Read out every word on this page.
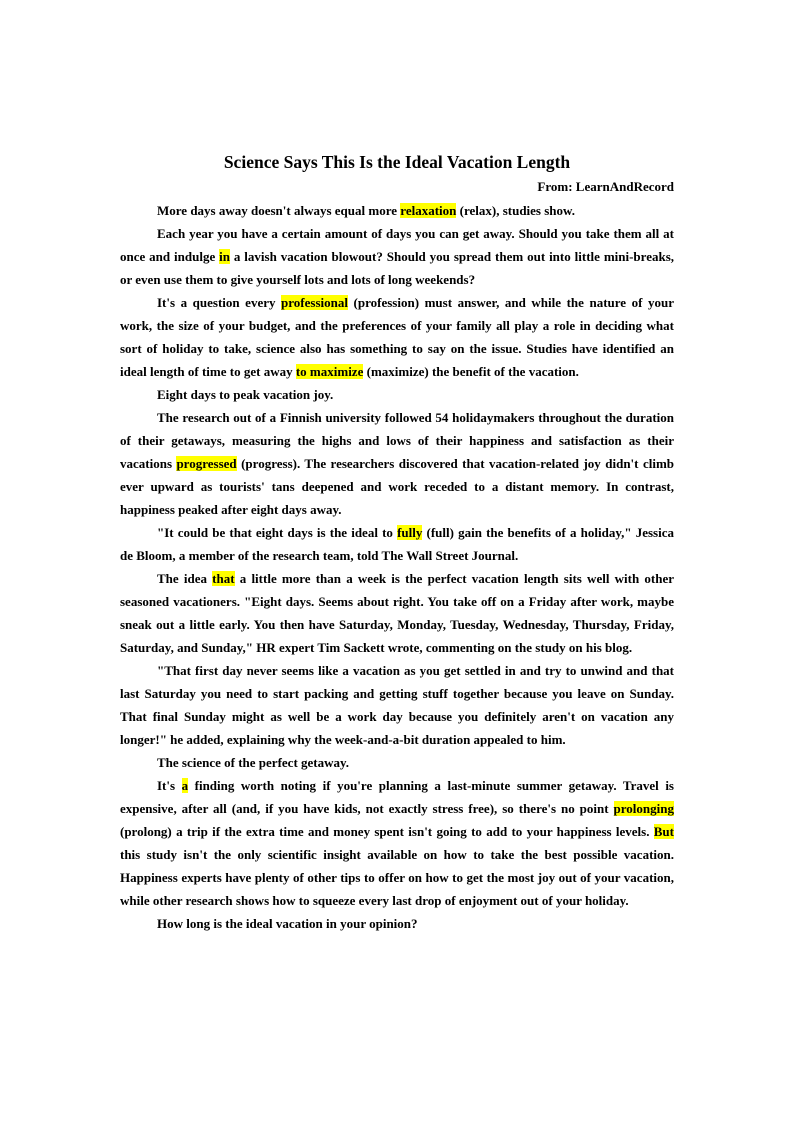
Science Says This Is the Ideal Vacation Length
From: LearnAndRecord

More days away doesn't always equal more relaxation (relax), studies show.

Each year you have a certain amount of days you can get away. Should you take them all at once and indulge in a lavish vacation blowout? Should you spread them out into little mini-breaks, or even use them to give yourself lots and lots of long weekends?

It's a question every professional (profession) must answer, and while the nature of your work, the size of your budget, and the preferences of your family all play a role in deciding what sort of holiday to take, science also has something to say on the issue. Studies have identified an ideal length of time to get away to maximize (maximize) the benefit of the vacation.

Eight days to peak vacation joy.

The research out of a Finnish university followed 54 holidaymakers throughout the duration of their getaways, measuring the highs and lows of their happiness and satisfaction as their vacations progressed (progress). The researchers discovered that vacation-related joy didn't climb ever upward as tourists' tans deepened and work receded to a distant memory. In contrast, happiness peaked after eight days away.

"It could be that eight days is the ideal to fully (full) gain the benefits of a holiday," Jessica de Bloom, a member of the research team, told The Wall Street Journal.

The idea that a little more than a week is the perfect vacation length sits well with other seasoned vacationers. "Eight days. Seems about right. You take off on a Friday after work, maybe sneak out a little early. You then have Saturday, Monday, Tuesday, Wednesday, Thursday, Friday, Saturday, and Sunday," HR expert Tim Sackett wrote, commenting on the study on his blog.

"That first day never seems like a vacation as you get settled in and try to unwind and that last Saturday you need to start packing and getting stuff together because you leave on Sunday. That final Sunday might as well be a work day because you definitely aren't on vacation any longer!" he added, explaining why the week-and-a-bit duration appealed to him.

The science of the perfect getaway.

It's a finding worth noting if you're planning a last-minute summer getaway. Travel is expensive, after all (and, if you have kids, not exactly stress free), so there's no point prolonging (prolong) a trip if the extra time and money spent isn't going to add to your happiness levels. But this study isn't the only scientific insight available on how to take the best possible vacation. Happiness experts have plenty of other tips to offer on how to get the most joy out of your vacation, while other research shows how to squeeze every last drop of enjoyment out of your holiday.

How long is the ideal vacation in your opinion?
